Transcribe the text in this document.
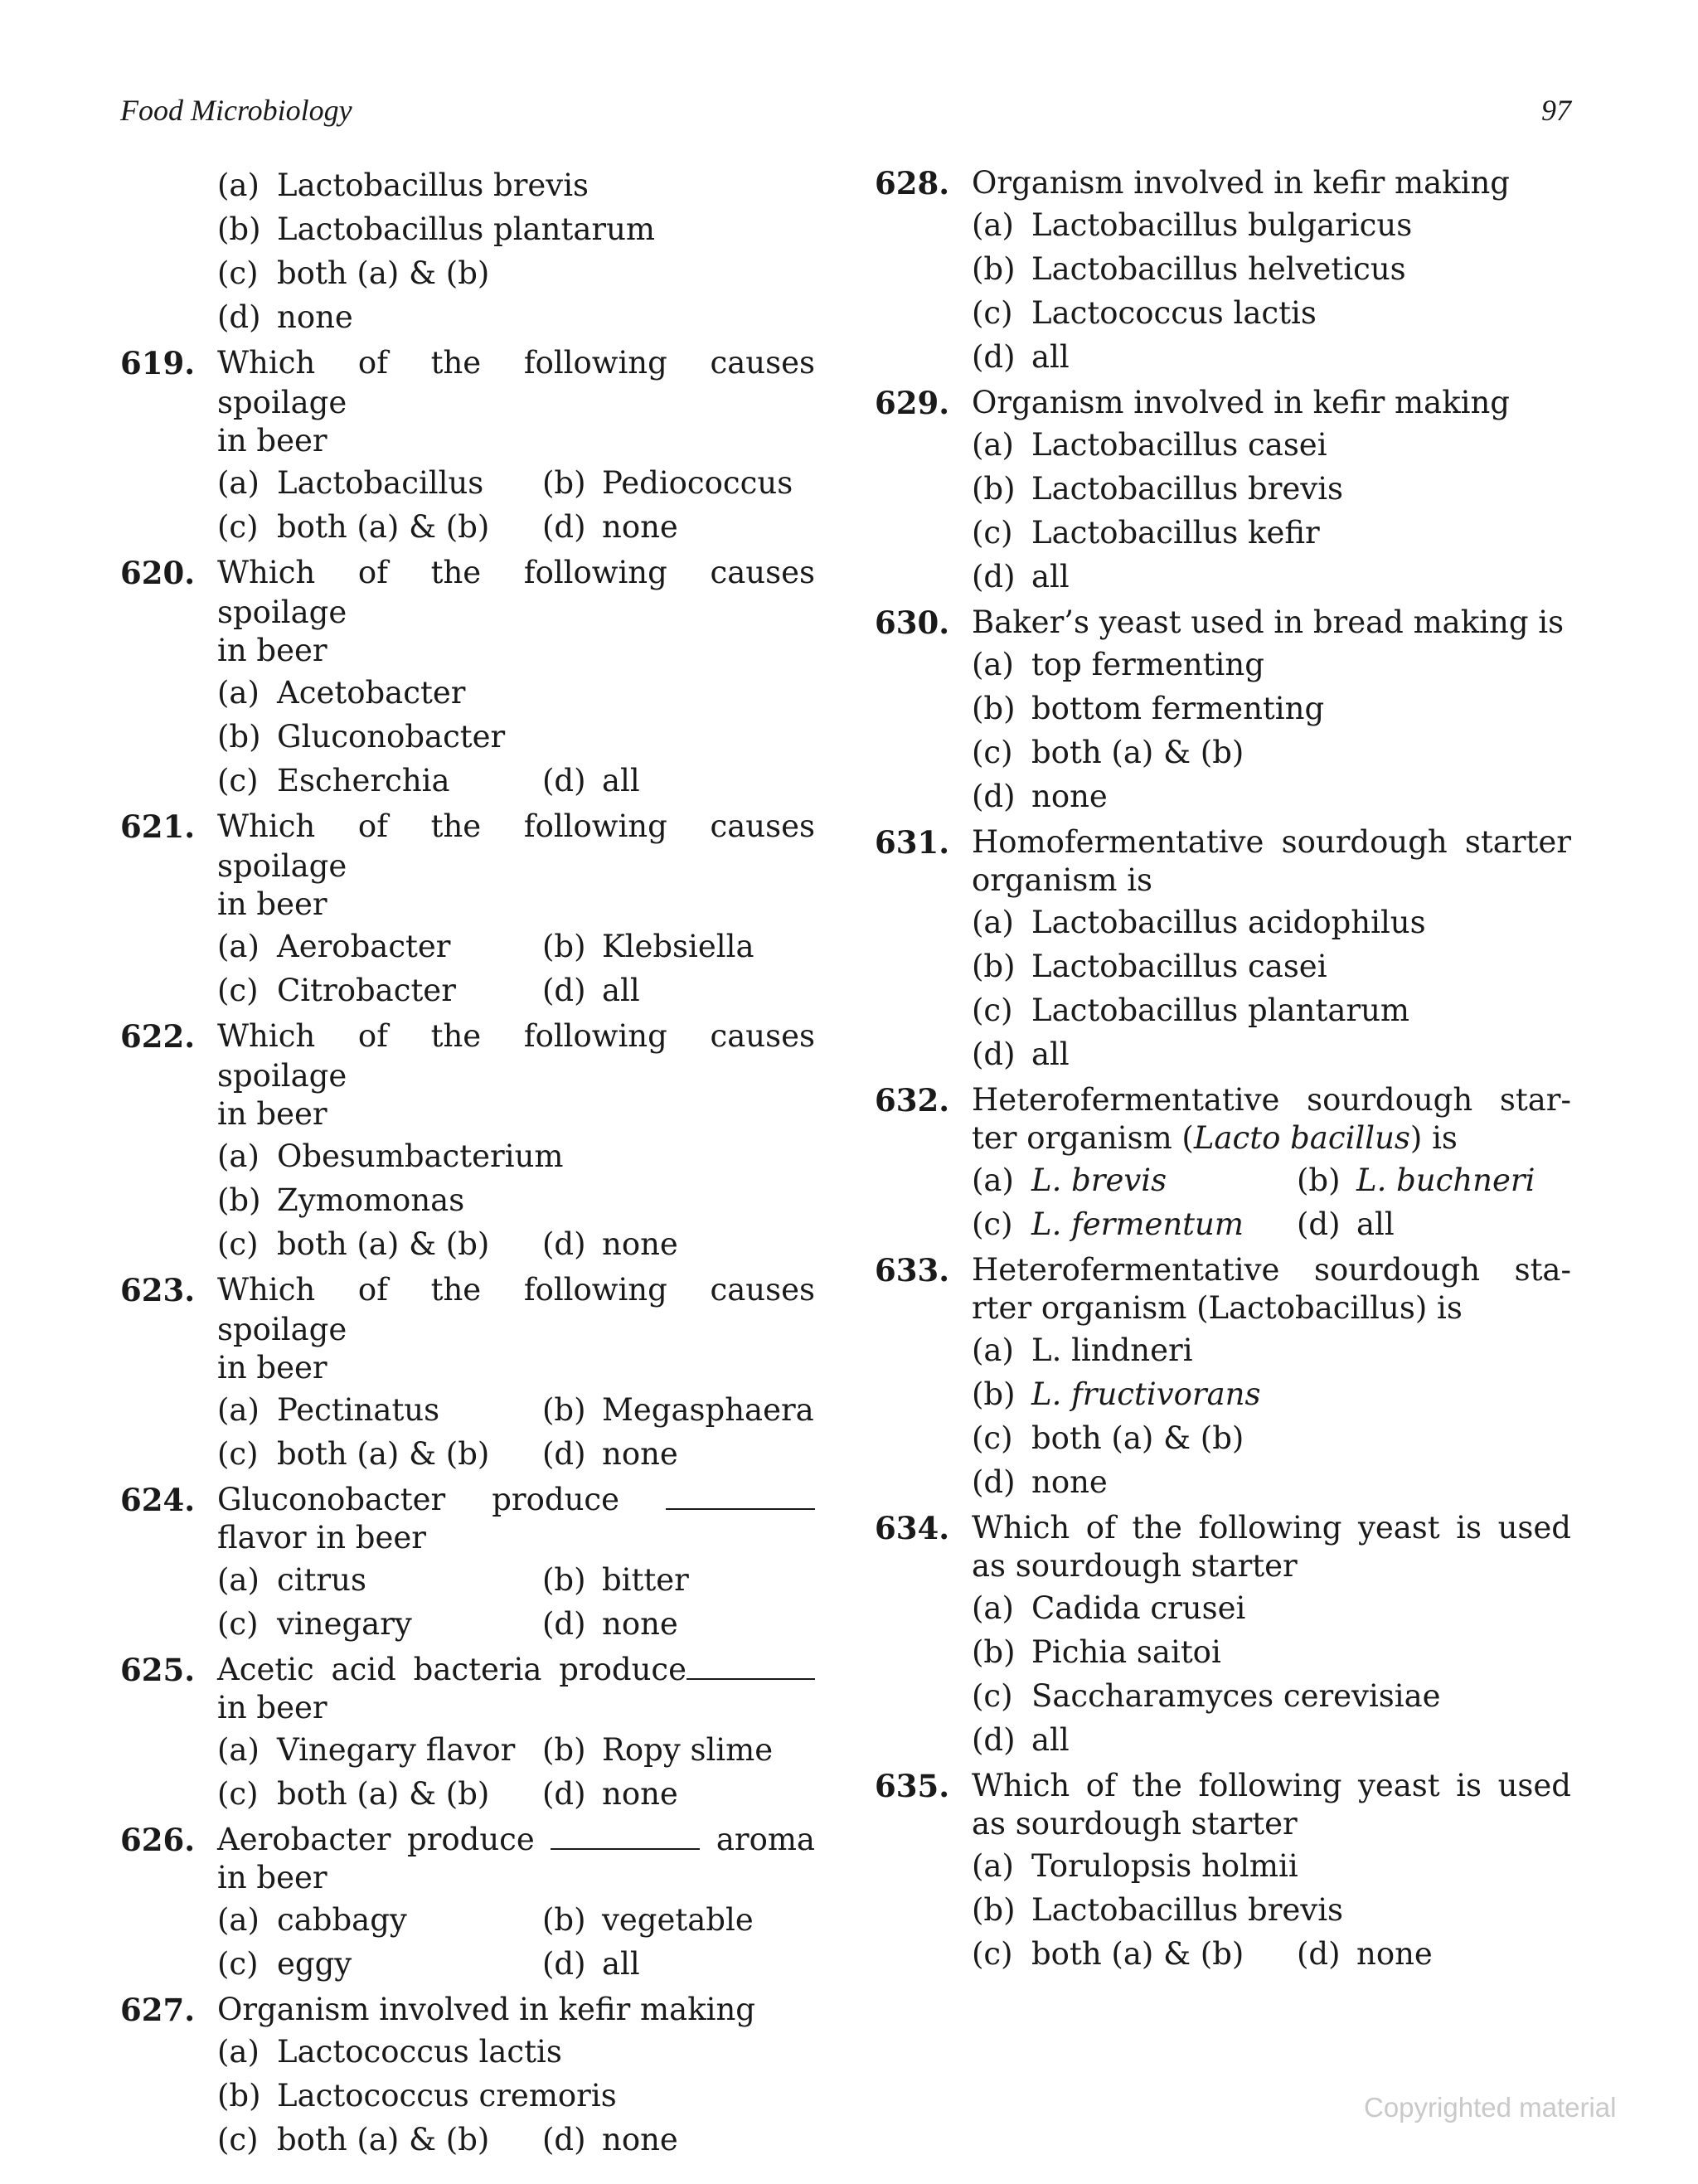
Food Microbiology	97
(a) Lactobacillus brevis
(b) Lactobacillus plantarum
(c) both (a) & (b)
(d) none
619. Which of the following causes spoilage
in beer
(a) Lactobacillus (b) Pediococcus
(c) both (a) & (b) (d) none
620. Which of the following causes spoilage
in beer
(a) Acetobacter
(b) Gluconobacter
(c) Escherchia	(d) all
621. Which of the following causes spoilage
in beer
(a) Aerobacter	(b) Klebsiella
(c) Citrobacter	(d) all
622. Which of the following causes spoilage
in beer
(a) Obesumbacterium
(b) Zymomonas
(c) both (a) & (b) (d) none
623. Which of the following causes spoilage
in beer
(a) Pectinatus	(b) Megasphaera
(c) both (a) & (b) (d) none
624. Gluconobacter produce
flavor in beer
(a) citrus	(b) bitter
(c) vinegary	(d) none
625. Acetic acid bacteria produce
in beer
(a) Vinegary flavor (b) Ropy slime
(c) both (a) & (b) (d) none
626. Aerobacter produce	aroma
in beer
(a) cabbagy	(b) vegetable
(c) eggy	(d) all
627. Organism involved in kefir making
(a) Lactococcus lactis
(b) Lactococcus cremoris
(c) both (a) & (b) (d) none
628. Organism involved in kefir making
(a) Lactobacillus bulgaricus
(b) Lactobacillus helveticus
(c) Lactococcus lactis
(d) all
629. Organism involved in kefir making
(a) Lactobacillus casei
(b) Lactobacillus brevis
(c) Lactobacillus kefir
(d) all
630. Baker’s yeast used in bread making is
(a) top fermenting
(b) bottom fermenting
(c) both (a) & (b)
(d) none
631. Homofermentative sourdough starter
organism is
(a) Lactobacillus acidophilus
(b) Lactobacillus casei
(c) Lactobacillus plantarum
(d) all
632. Heterofermentative sourdough star-
ter organism (Lacto bacillus) is
(a) L. brevis	(b) L. buchneri
(c) L. fermentum (d) all
633. Heterofermentative sourdough sta-
rter organism (Lactobacillus) is
(a) L. lindneri
(b) L. fructivorans
(c) both (a) & (b)
(d) none
634. Which of the following yeast is used
as sourdough starter
(a) Cadida crusei
(b) Pichia saitoi
(c) Saccharamyces cerevisiae
(d) all
635. Which of the following yeast is used
as sourdough starter
(a) Torulopsis holmii
(b) Lactobacillus brevis
(c) both (a) & (b) (d) none
Copyrighted material
